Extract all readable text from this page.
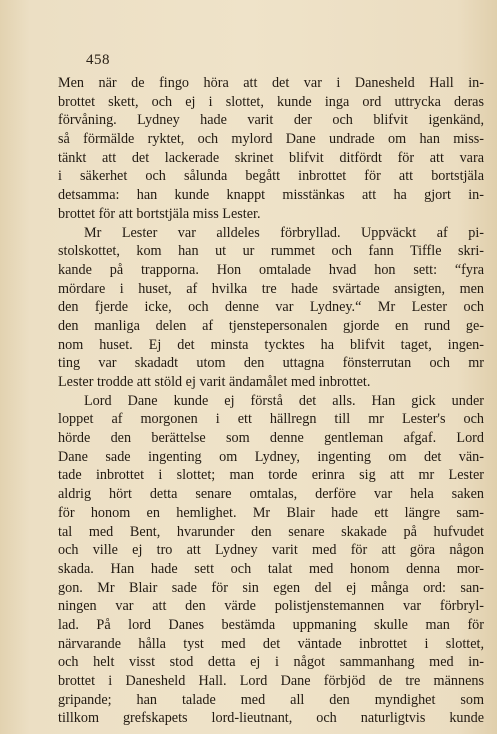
458
Men när de fingo höra att det var i Danesheld Hall in-
brottet skett, och ej i slottet, kunde inga ord uttrycka deras
förvåning. Lydney hade varit der och blifvit igenkänd,
så förmälde ryktet, och mylord Dane undrade om han miss-
tänkt att det lackerade skrinet blifvit ditfördt för att vara
i säkerhet och sålunda begått inbrottet för att bortstjäla
detsamma: han kunde knappt misstänkas att ha gjort in-
brottet för att bortstjäla miss Lester.
Mr Lester var alldeles förbryllad. Uppväckt af pi-
stolskottet, kom han ut ur rummet och fann Tiffle skri-
kande på trapporna. Hon omtalade hvad hon sett: “fyra
mördare i huset, af hvilka tre hade svärtade ansigten, men
den fjerde icke, och denne var Lydney.“ Mr Lester och
den manliga delen af tjenstepersonalen gjorde en rund ge-
nom huset. Ej det minsta tycktes ha blifvit taget, ingen-
ting var skadadt utom den uttagna fönsterrutan och mr
Lester trodde att stöld ej varit ändamålet med inbrottet.
Lord Dane kunde ej förstå det alls. Han gick under
loppet af morgonen i ett hällregn till mr Lester's och
hörde den berättelse som denne gentleman afgaf. Lord
Dane sade ingenting om Lydney, ingenting om det vän-
tade inbrottet i slottet; man torde erinra sig att mr Lester
aldrig hört detta senare omtalas, derföre var hela saken
för honom en hemlighet. Mr Blair hade ett längre sam-
tal med Bent, hvarunder den senare skakade på hufvudet
och ville ej tro att Lydney varit med för att göra någon
skada. Han hade sett och talat med honom denna mor-
gon. Mr Blair sade för sin egen del ej många ord: san-
ningen var att den värde polistjenstemannen var förbryl-
lad. På lord Danes bestämda uppmaning skulle man för
närvarande hålla tyst med det väntade inbrottet i slottet,
och helt visst stod detta ej i något sammanhang med in-
brottet i Danesheld Hall. Lord Dane förbjöd de tre männens
gripande; han talade med all den myndighet som
tillkom grefskapets lord-lieutnant, och naturligtvis kunde
